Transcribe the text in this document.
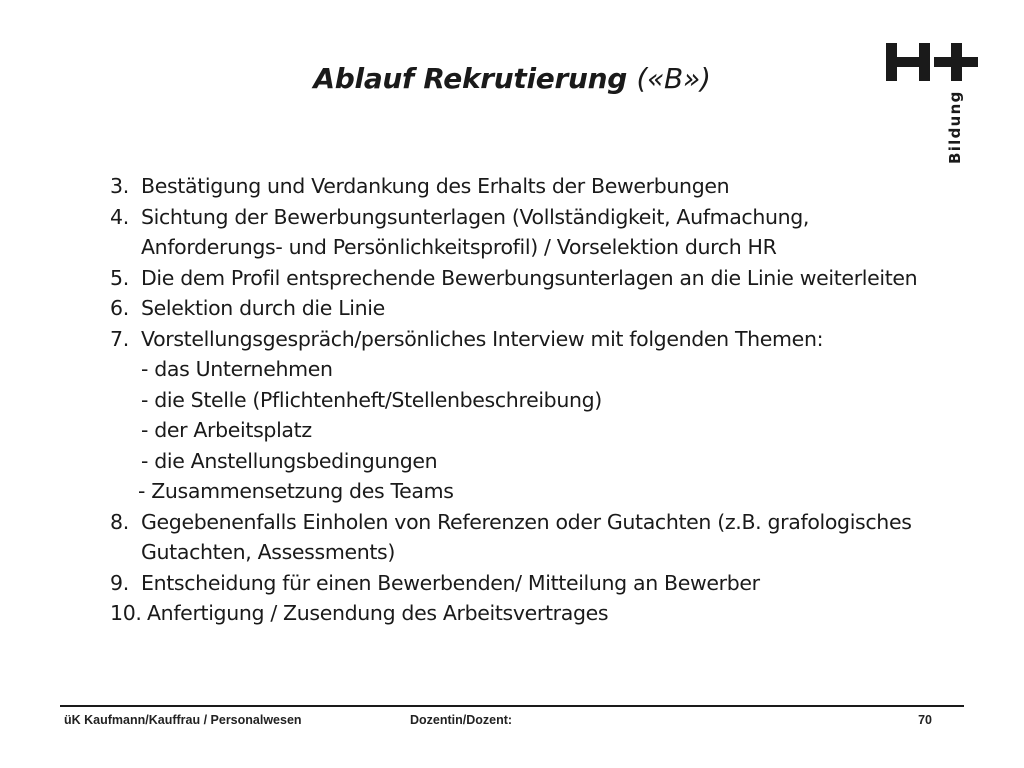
Ablauf Rekrutierung («B»)
Bildung
3. Bestätigung und Verdankung des Erhalts der Bewerbungen
4. Sichtung der Bewerbungsunterlagen (Vollständigkeit, Aufmachung,
Anforderungs- und Persönlichkeitsprofil) / Vorselektion durch HR
5. Die dem Profil entsprechende Bewerbungsunterlagen an die Linie weiterleiten
6. Selektion durch die Linie
7. Vorstellungsgespräch/persönliches Interview mit folgenden Themen:
- das Unternehmen
- die Stelle (Pflichtenheft/Stellenbeschreibung)
- der Arbeitsplatz
- die Anstellungsbedingungen
- Zusammensetzung des Teams
8. Gegebenenfalls Einholen von Referenzen oder Gutachten (z.B. grafologisches
Gutachten, Assessments)
9. Entscheidung für einen Bewerbenden/ Mitteilung an Bewerber
10. Anfertigung / Zusendung des Arbeitsvertrages
üK Kaufmann/Kauffrau / Personalwesen	Dozentin/Dozent:	70
